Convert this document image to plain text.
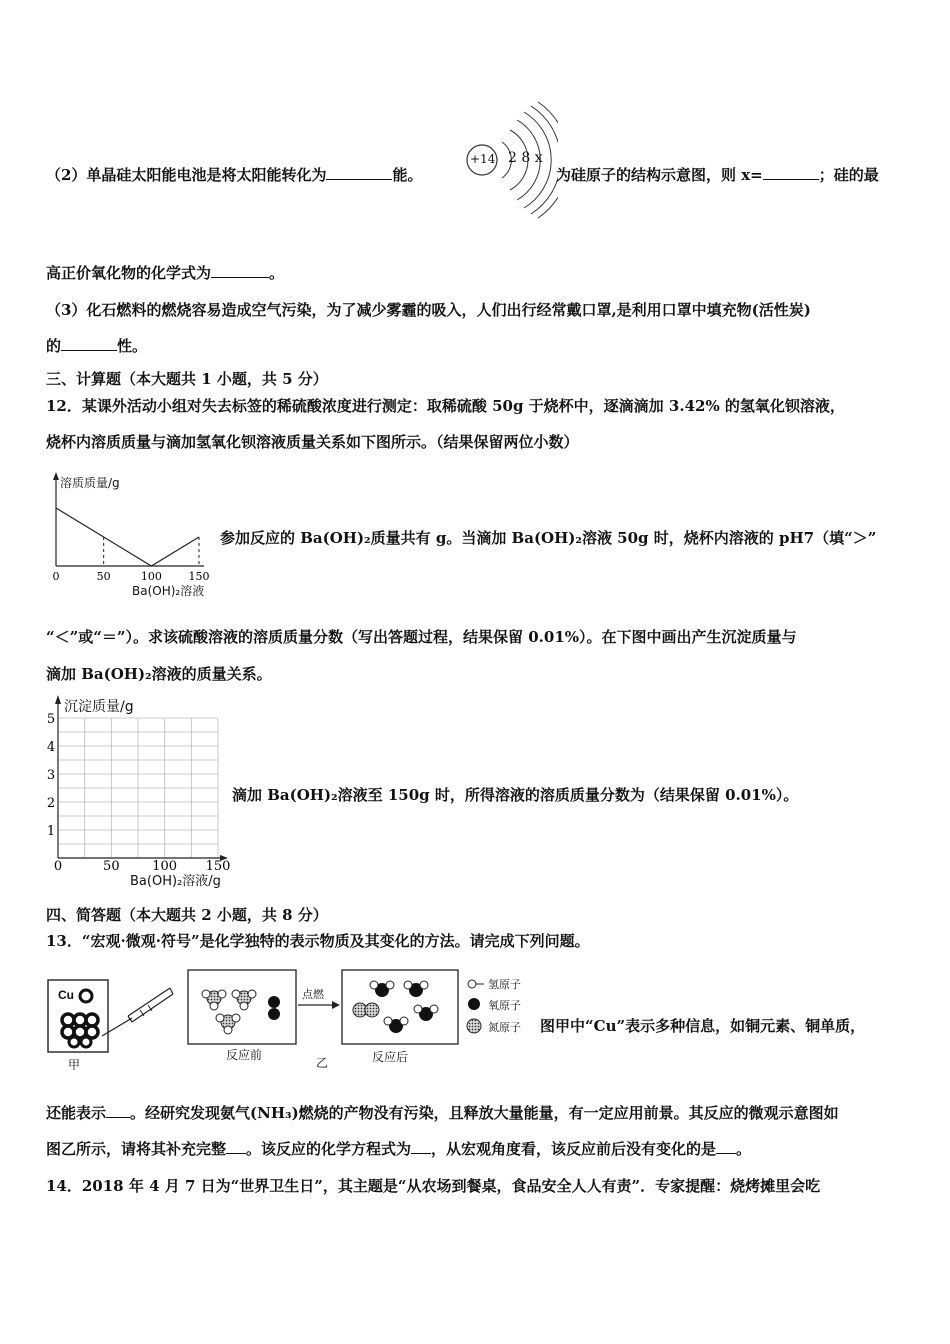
（2）单晶硅太阳能电池是将太阳能转化为	能。
+14 2 8 x
为硅原子的结构示意图，则 x=	；硅的最
高正价氧化物的化学式为	。
（3）化石燃料的燃烧容易造成空气污染，为了减少雾霾的吸入，人们出行经常戴口罩,是利用口罩中填充物(活性炭)
的	性。
三、计算题（本大题共 1 小题，共 5 分）
12．某课外活动小组对失去标签的稀硫酸浓度进行测定：取稀硫酸 50g 于烧杯中，逐滴滴加 3.42% 的氢氧化钡溶液，
烧杯内溶质质量与滴加氢氧化钡溶液质量关系如下图所示。（结果保留两位小数）
0	50	100 150
溶质质量/g
Ba(OH)₂溶液
参加反应的 Ba(OH)₂质量共有 g。当滴加 Ba(OH)₂溶液 50g 时，烧杯内溶液的 pH7（填“＞”
“＜”或“＝”）。求该硫酸溶液的溶质质量分数（写出答题过程，结果保留 0.01%）。在下图中画出产生沉淀质量与
滴加 Ba(OH)₂溶液的质量关系。
0	50	100 150
1
2
3
4
5
沉淀质量/g
Ba(OH)₂溶液/g
滴加 Ba(OH)₂溶液至 150g 时，所得溶液的溶质质量分数为（结果保留 0.01%）。
四、简答题（本大题共 2 小题，共 8 分）
13．“宏观·微观·符号”是化学独特的表示物质及其变化的方法。请完成下列问题。
Cu
甲
点燃
反应前
乙	反应后
氢原子
氧原子
氮原子 图甲中“Cu”表示多种信息，如铜元素、铜单质，
还能表示 。经研究发现氨气(NH₃)燃烧的产物没有污染，且释放大量能量，有一定应用前景。其反应的微观示意图如
图乙所示，请将其补充完整 。该反应的化学方程式为 ，从宏观角度看，该反应前后没有变化的是 。
14．2018 年 4 月 7 日为“世界卫生日”，其主题是“从农场到餐桌，食品安全人人有责”．专家提醒：烧烤摊里会吃
